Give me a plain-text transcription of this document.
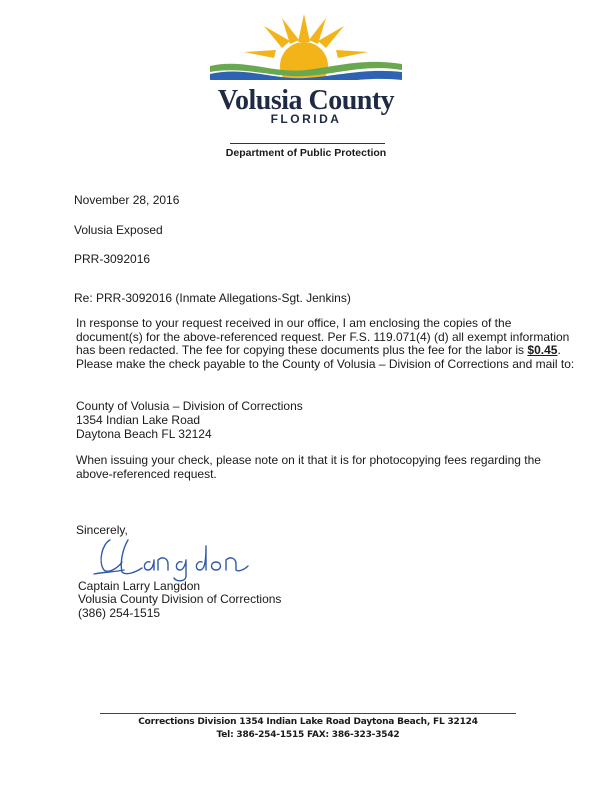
Volusia County
FLORIDA
Department of Public Protection
November 28, 2016
Volusia Exposed
PRR-3092016
Re: PRR-3092016 (Inmate Allegations-Sgt. Jenkins)
In response to your request received in our office, I am enclosing the copies of the document(s) for the above-referenced request. Per F.S. 119.071(4) (d) all exempt information has been redacted. The fee for copying these documents plus the fee for the labor is $0.45. Please make the check payable to the County of Volusia – Division of Corrections and mail to:
County of Volusia – Division of Corrections
1354 Indian Lake Road
Daytona Beach FL 32124
When issuing your check, please note on it that it is for photocopying fees regarding the above-referenced request.
Sincerely,
Captain Larry Langdon
Volusia County Division of Corrections
(386) 254-1515
Corrections Division 1354 Indian Lake Road Daytona Beach, FL 32124
Tel: 386-254-1515 FAX: 386-323-3542
